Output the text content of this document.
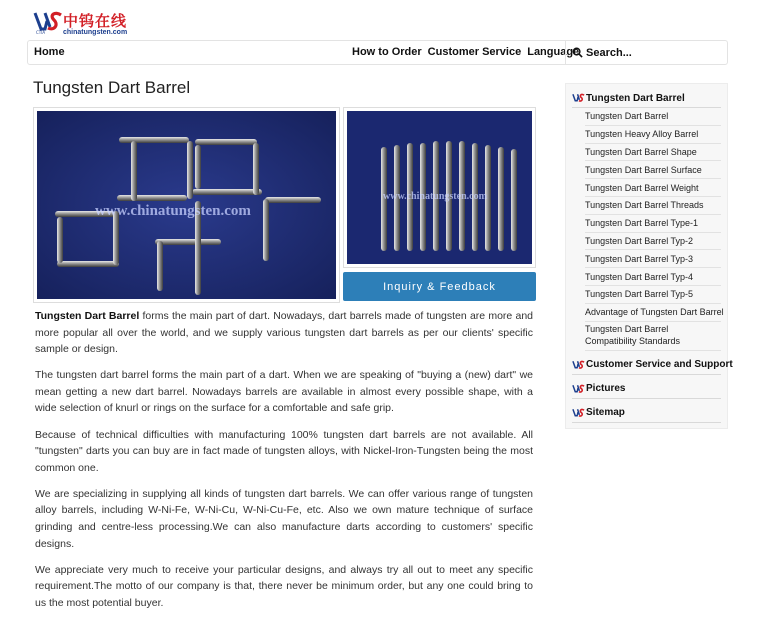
CTIA
中钨在线
chinatungsten.com
Home	How to Order Customer Service Language
Search...
Tungsten Dart Barrel
www.chinatungsten.com
www.chinatungsten.com
Inquiry & Feedback

Tungsten Dart Barrel forms the main part of dart. Nowadays, dart barrels made of tungsten are more and more popular all over the world, and we supply various tungsten dart barrels as per our clients' specific sample or design.

The tungsten dart barrel forms the main part of a dart. When we are speaking of "buying a (new) dart" we mean getting a new dart barrel. Nowadays barrels are available in almost every possible shape, with a wide selection of knurl or rings on the surface for a comfortable and safe grip.

Because of technical difficulties with manufacturing 100% tungsten dart barrels are not available. All "tungsten" darts you can buy are in fact made of tungsten alloys, with Nickel-Iron-Tungsten being the most common one.

We are specializing in supplying all kinds of tungsten dart barrels. We can offer various range of tungsten alloy barrels, including W-Ni-Fe, W-Ni-Cu, W-Ni-Cu-Fe, etc. Also we own mature technique of surface grinding and centre-less processing.We can also manufacture darts according to customers' specific designs.

We appreciate very much to receive your particular designs, and always try all out to meet any specific requirement.The motto of our company is that, there never be minimum order, but any one could bring to us the most potential buyer.

Tungsten Dart Barrel
Tungsten Dart Barrel
Tungsten Heavy Alloy Barrel
Tungsten Dart Barrel Shape
Tungsten Dart Barrel Surface
Tungsten Dart Barrel Weight
Tungsten Dart Barrel Threads
Tungsten Dart Barrel Type-1
Tungsten Dart Barrel Typ-2
Tungsten Dart Barrel Typ-3
Tungsten Dart Barrel Typ-4
Tungsten Dart Barrel Typ-5
Advantage of Tungsten Dart Barrel
Tungsten Dart Barrel Compatibility Standards
Customer Service and Support
Pictures
Sitemap
